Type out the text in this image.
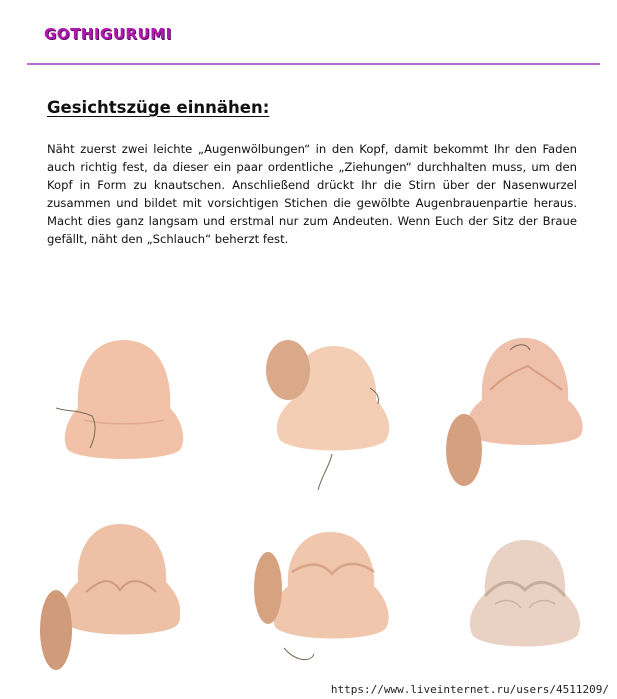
GOTHIGURUMI
Gesichtszüge einnähen:

Näht zuerst zwei leichte „Augenwölbungen“ in den Kopf, damit bekommt Ihr den Faden auch richtig fest, da dieser ein paar ordentliche „Ziehungen“ durchhalten muss, um den Kopf in Form zu knautschen. Anschließend drückt Ihr die Stirn über der Nasenwurzel zusammen und bildet mit vorsichtigen Stichen die gewölbte Augenbrauenpartie heraus. Macht dies ganz langsam und erstmal nur zum Andeuten. Wenn Euch der Sitz der Braue gefällt, näht den „Schlauch“ beherzt fest.

https://www.liveinternet.ru/users/4511209/
